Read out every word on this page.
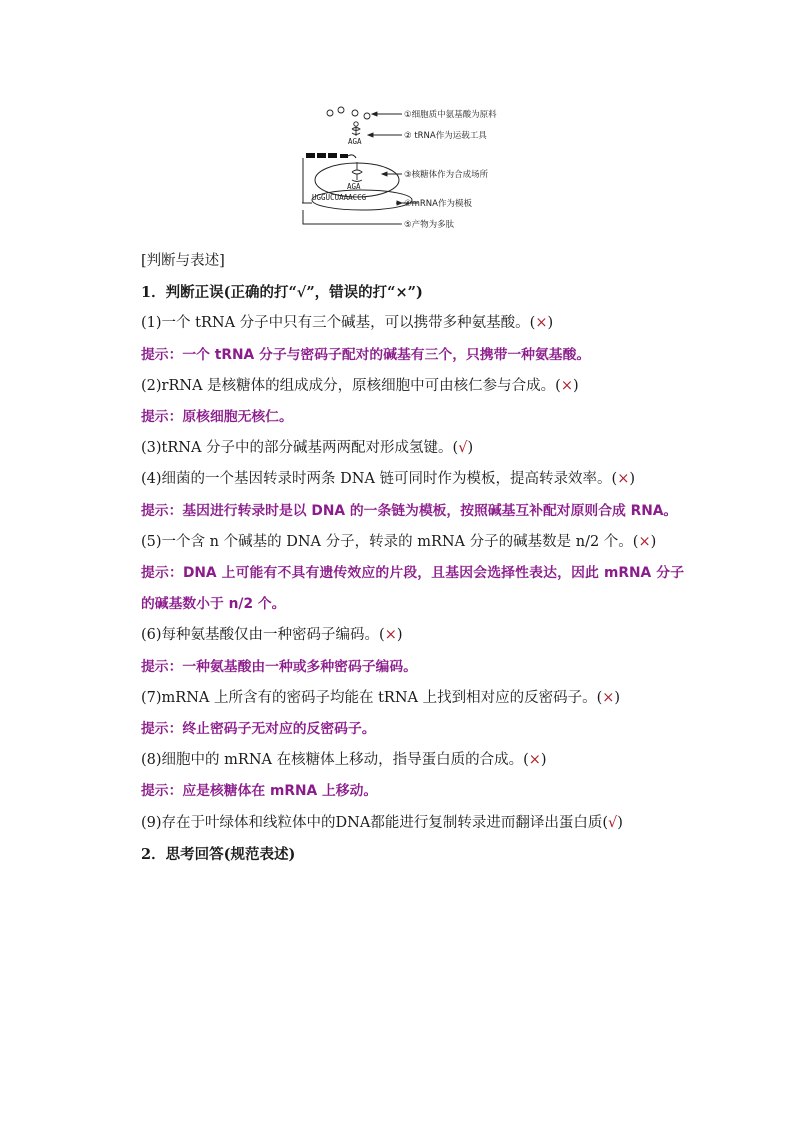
AGA
AGA
UGGUCUAAACCG
①细胞质中氨基酸为原料
② tRNA作为运载工具
③核糖体作为合成场所
④mRNA作为模板
⑤产物为多肽
[判断与表述]
1．判断正误(正确的打“√”，错误的打“×”)
(1)一个 tRNA 分子中只有三个碱基，可以携带多种氨基酸。(×)
提示：一个 tRNA 分子与密码子配对的碱基有三个，只携带一种氨基酸。
(2)rRNA 是核糖体的组成成分，原核细胞中可由核仁参与合成。(×)
提示：原核细胞无核仁。
(3)tRNA 分子中的部分碱基两两配对形成氢键。(√)
(4)细菌的一个基因转录时两条 DNA 链可同时作为模板，提高转录效率。(×)
提示：基因进行转录时是以 DNA 的一条链为模板，按照碱基互补配对原则合成 RNA。
(5)一个含 n 个碱基的 DNA 分子，转录的 mRNA 分子的碱基数是 n/2 个。(×)
提示：DNA 上可能有不具有遗传效应的片段，且基因会选择性表达，因此 mRNA 分子的碱基数小于 n/2 个。
(6)每种氨基酸仅由一种密码子编码。(×)
提示：一种氨基酸由一种或多种密码子编码。
(7)mRNA 上所含有的密码子均能在 tRNA 上找到相对应的反密码子。(×)
提示：终止密码子无对应的反密码子。
(8)细胞中的 mRNA 在核糖体上移动，指导蛋白质的合成。(×)
提示：应是核糖体在 mRNA 上移动。
(9)存在于叶绿体和线粒体中的DNA都能进行复制转录进而翻译出蛋白质(√)
2．思考回答(规范表述)
